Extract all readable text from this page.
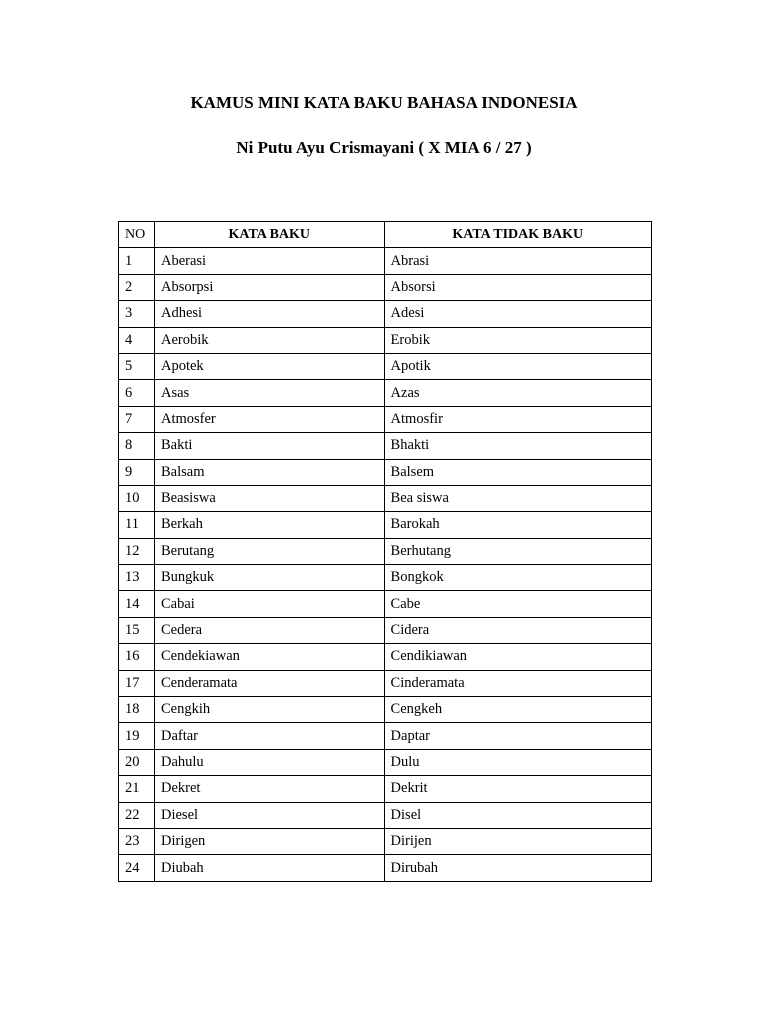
KAMUS MINI KATA BAKU BAHASA INDONESIA
Ni Putu Ayu Crismayani ( X MIA 6 / 27 )
NO	KATA BAKU	KATA TIDAK BAKU
1	Aberasi	Abrasi
2	Absorpsi	Absorsi
3	Adhesi	Adesi
4	Aerobik	Erobik
5	Apotek	Apotik
6	Asas	Azas
7	Atmosfer	Atmosfir
8	Bakti	Bhakti
9	Balsam	Balsem
10	Beasiswa	Bea siswa
11	Berkah	Barokah
12	Berutang	Berhutang
13	Bungkuk	Bongkok
14	Cabai	Cabe
15	Cedera	Cidera
16	Cendekiawan	Cendikiawan
17	Cenderamata	Cinderamata
18	Cengkih	Cengkeh
19	Daftar	Daptar
20	Dahulu	Dulu
21	Dekret	Dekrit
22	Diesel	Disel
23	Dirigen	Dirijen
24	Diubah	Dirubah
